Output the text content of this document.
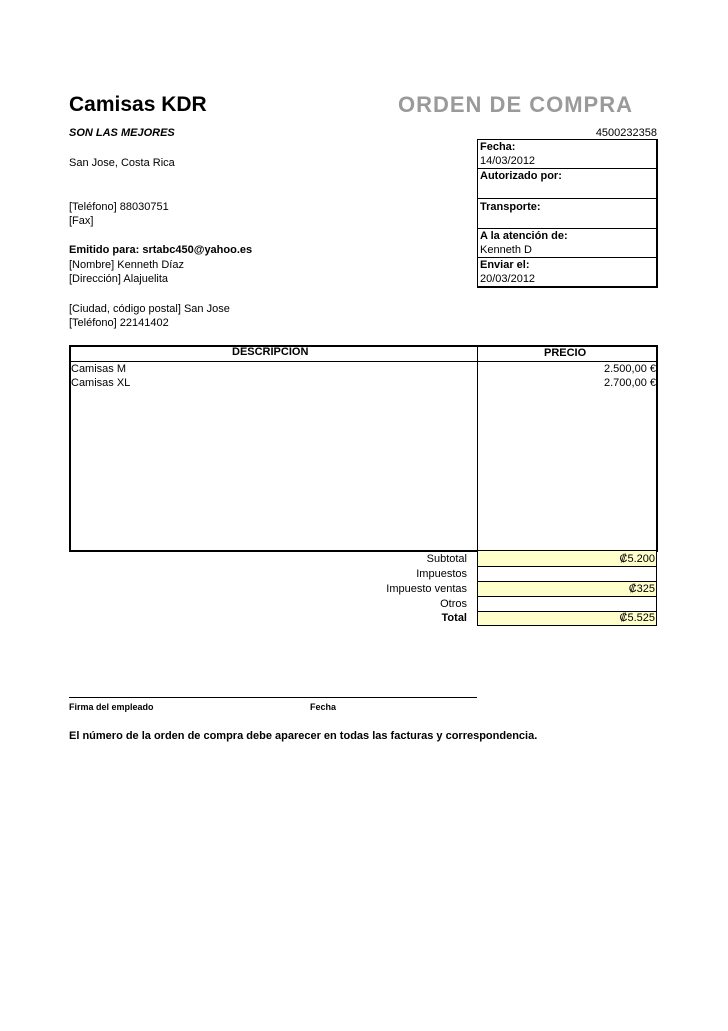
Camisas KDR	ORDEN DE COMPRA
SON LAS MEJORES	4500232358
San Jose, Costa Rica
[Teléfono] 88030751
[Fax]
Fecha:
14/03/2012
Autorizado por:
Transporte:
A la atención de:
Kenneth D
Enviar el:
20/03/2012
Emitido para: srtabc450@yahoo.es
[Nombre] Kenneth Díaz
[Dirección] Alajuelita
[Ciudad, código postal] San Jose
[Teléfono] 22141402
DESCRIPCIÓN	PRECIO
Camisas M	2.500,00 €
Camisas XL	2.700,00 €
Subtotal	₡5.200
Impuestos
Impuesto ventas	₡325
Otros
Total	₡5.525
Firma del empleado	Fecha
El número de la orden de compra debe aparecer en todas las facturas y correspondencia.
